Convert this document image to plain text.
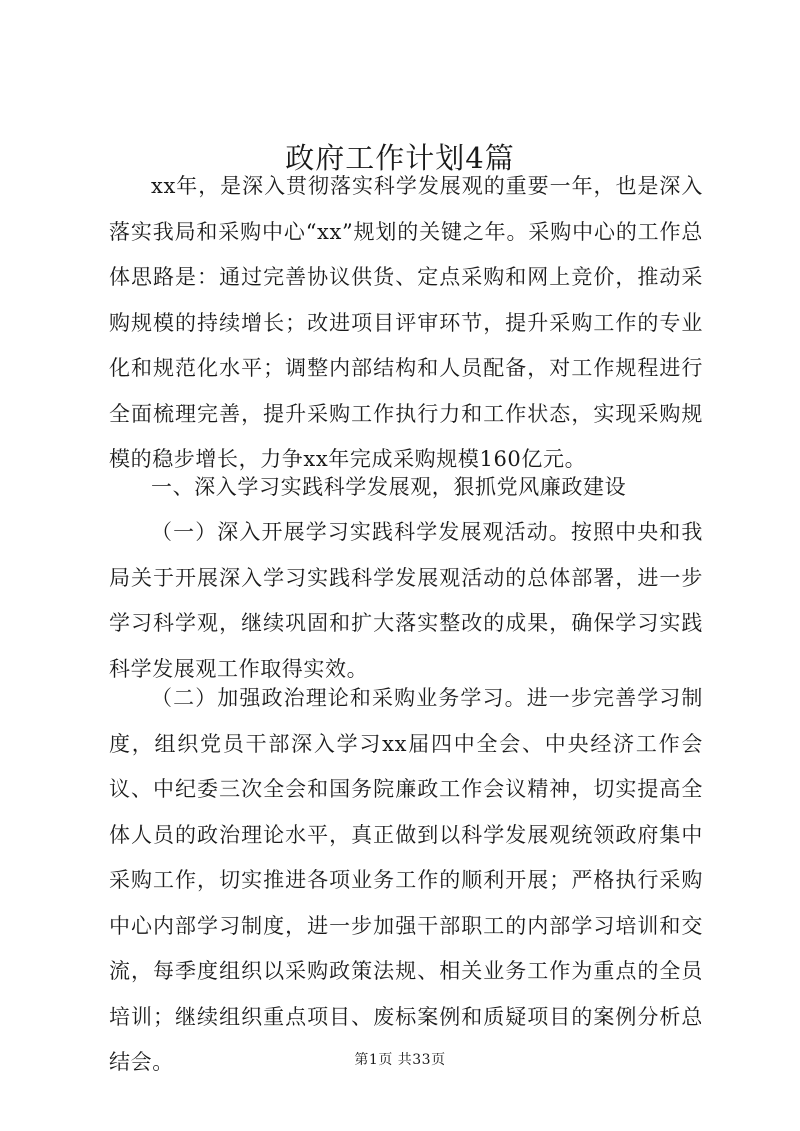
政府工作计划4篇

xx年，是深入贯彻落实科学发展观的重要一年，也是深入落实我局和采购中心“xx”规划的关键之年。采购中心的工作总体思路是：通过完善协议供货、定点采购和网上竞价，推动采购规模的持续增长；改进项目评审环节，提升采购工作的专业化和规范化水平；调整内部结构和人员配备，对工作规程进行全面梳理完善，提升采购工作执行力和工作状态，实现采购规模的稳步增长，力争xx年完成采购规模160亿元。

一、深入学习实践科学发展观，狠抓党风廉政建设

（一）深入开展学习实践科学发展观活动。按照中央和我局关于开展深入学习实践科学发展观活动的总体部署，进一步学习科学观，继续巩固和扩大落实整改的成果，确保学习实践科学发展观工作取得实效。

（二）加强政治理论和采购业务学习。进一步完善学习制度，组织党员干部深入学习xx届四中全会、中央经济工作会议、中纪委三次全会和国务院廉政工作会议精神，切实提高全体人员的政治理论水平，真正做到以科学发展观统领政府集中采购工作，切实推进各项业务工作的顺利开展；严格执行采购中心内部学习制度，进一步加强干部职工的内部学习培训和交流，每季度组织以采购政策法规、相关业务工作为重点的全员培训；继续组织重点项目、废标案例和质疑项目的案例分析总结会。	第1页 共33页
